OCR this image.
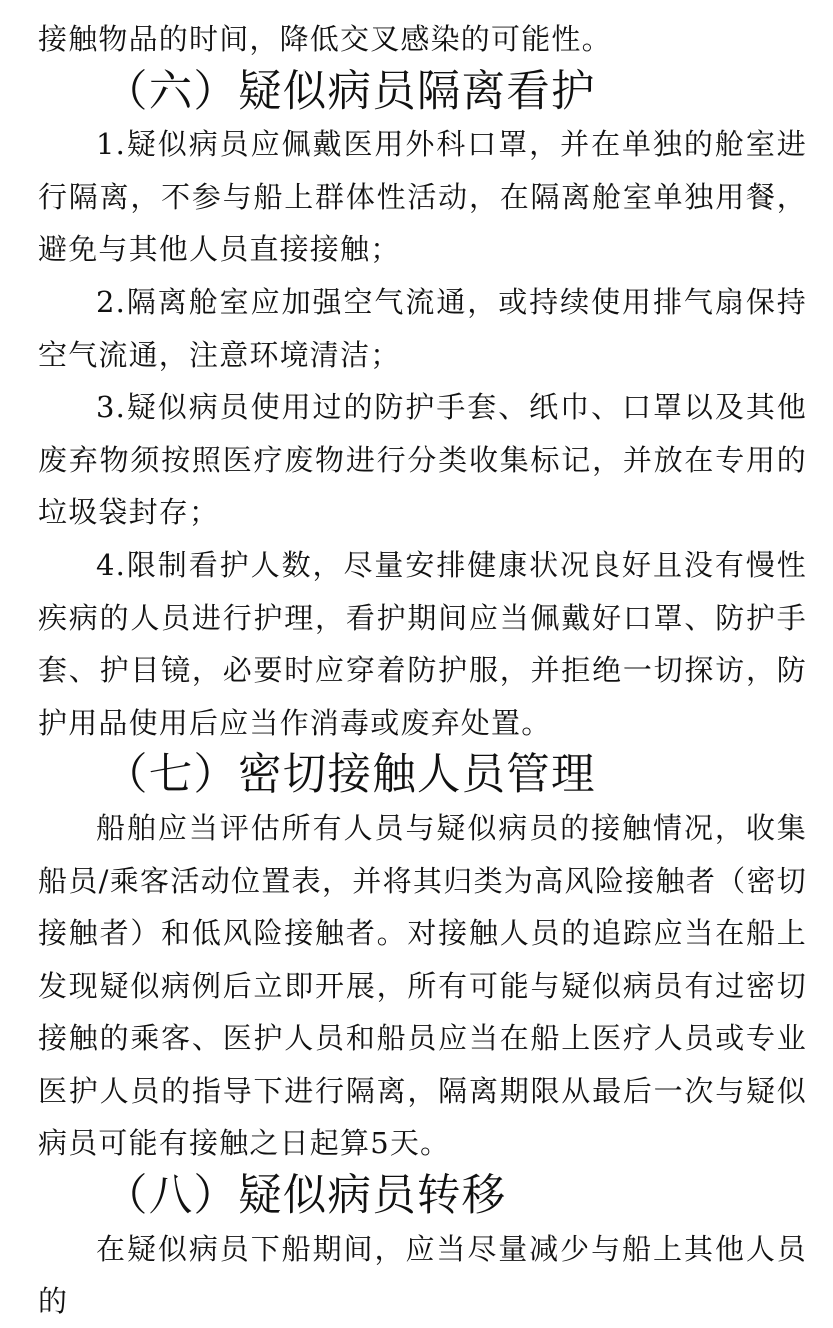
接触物品的时间，降低交叉感染的可能性。

（六）疑似病员隔离看护

1.疑似病员应佩戴医用外科口罩，并在单独的舱室进行隔离，不参与船上群体性活动，在隔离舱室单独用餐，避免与其他人员直接接触；

2.隔离舱室应加强空气流通，或持续使用排气扇保持空气流通，注意环境清洁；

3.疑似病员使用过的防护手套、纸巾、口罩以及其他废弃物须按照医疗废物进行分类收集标记，并放在专用的垃圾袋封存；

4.限制看护人数，尽量安排健康状况良好且没有慢性疾病的人员进行护理，看护期间应当佩戴好口罩、防护手套、护目镜，必要时应穿着防护服，并拒绝一切探访，防护用品使用后应当作消毒或废弃处置。

（七）密切接触人员管理

船舶应当评估所有人员与疑似病员的接触情况，收集船员/乘客活动位置表，并将其归类为高风险接触者（密切接触者）和低风险接触者。对接触人员的追踪应当在船上发现疑似病例后立即开展，所有可能与疑似病员有过密切接触的乘客、医护人员和船员应当在船上医疗人员或专业医护人员的指导下进行隔离，隔离期限从最后一次与疑似病员可能有接触之日起算5天。

（八）疑似病员转移

在疑似病员下船期间，应当尽量减少与船上其他人员的
